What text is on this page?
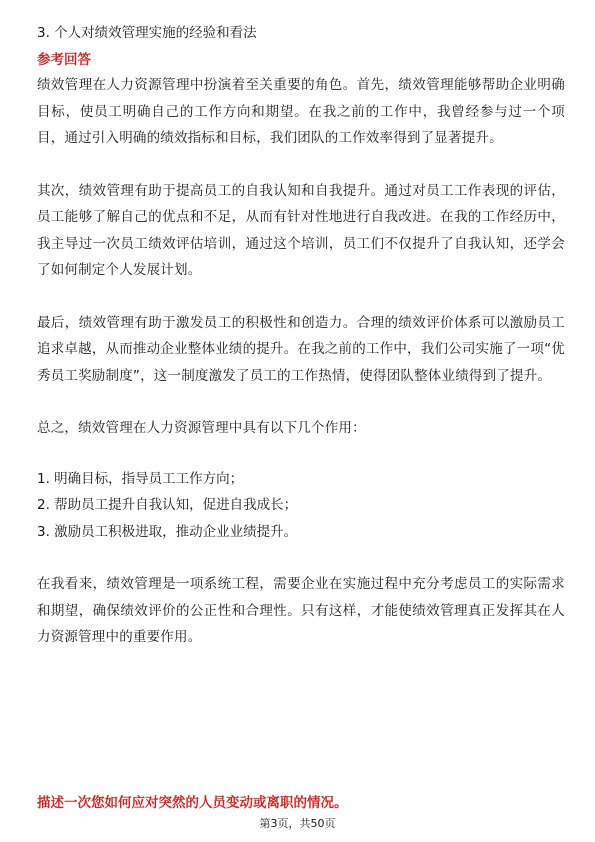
3. 个人对绩效管理实施的经验和看法
参考回答

绩效管理在人力资源管理中扮演着至关重要的角色。首先，绩效管理能够帮助企业明确目标，使员工明确自己的工作方向和期望。在我之前的工作中，我曾经参与过一个项目，通过引入明确的绩效指标和目标，我们团队的工作效率得到了显著提升。

其次，绩效管理有助于提高员工的自我认知和自我提升。通过对员工工作表现的评估，员工能够了解自己的优点和不足，从而有针对性地进行自我改进。在我的工作经历中，我主导过一次员工绩效评估培训，通过这个培训，员工们不仅提升了自我认知，还学会了如何制定个人发展计划。

最后，绩效管理有助于激发员工的积极性和创造力。合理的绩效评价体系可以激励员工追求卓越，从而推动企业整体业绩的提升。在我之前的工作中，我们公司实施了一项“优秀员工奖励制度”，这一制度激发了员工的工作热情，使得团队整体业绩得到了提升。

总之，绩效管理在人力资源管理中具有以下几个作用：

1. 明确目标，指导员工工作方向；

2. 帮助员工提升自我认知，促进自我成长；

3. 激励员工积极进取，推动企业业绩提升。

在我看来，绩效管理是一项系统工程，需要企业在实施过程中充分考虑员工的实际需求和期望，确保绩效评价的公正性和合理性。只有这样，才能使绩效管理真正发挥其在人力资源管理中的重要作用。

描述一次您如何应对突然的人员变动或离职的情况。

第3页，共50页
